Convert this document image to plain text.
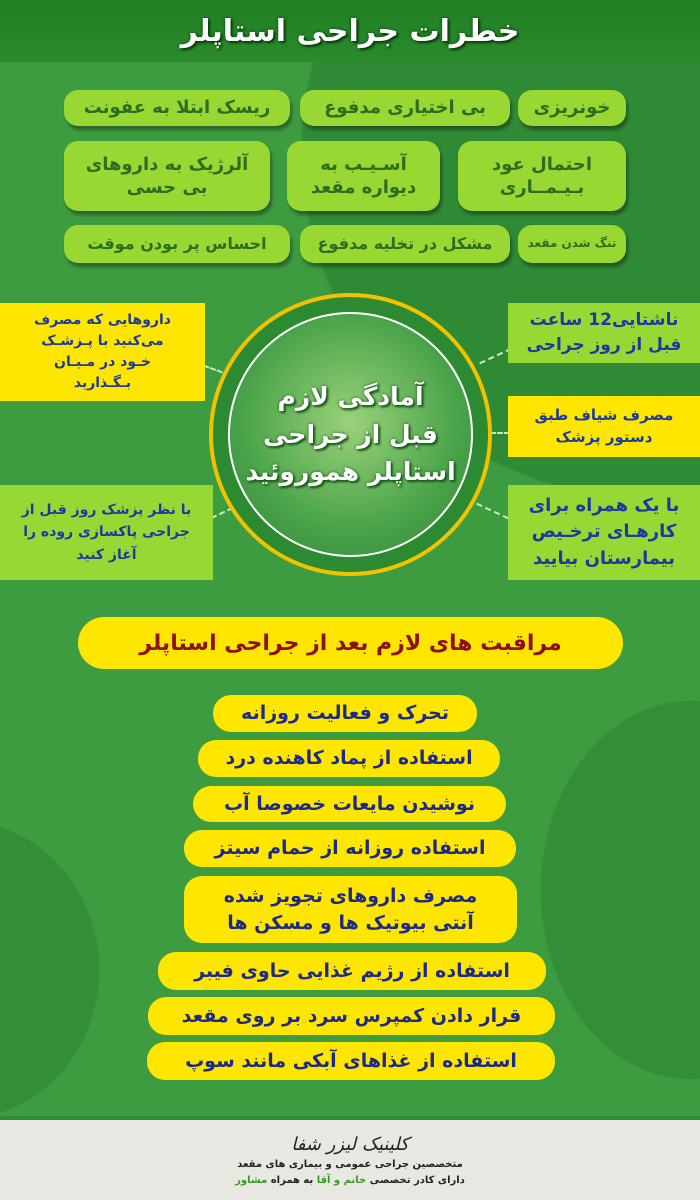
خطرات جراحی استاپلر
خونریزی
بی اختیاری مدفوع
ریسک ابتلا به عفونت
احتمال عود بـیـمــاری
آسـیـب به دیواره مقعد
آلرژیک به داروهای بی حسی
تنگ شدن مقعد
مشکل در تخلیه مدفوع
احساس پر بودن موقت
آمادگی لازم
قبل از جراحی
استاپلر هموروئید
ناشتایی12 ساعت قبل از روز جراحی
مصرف شیاف طبق دستور پزشک
با یک همراه برای کارهـای ترخـیص بیمارستان بیایید
داروهایی که مصرف می‌کنید با پـزشـک خـود در مـیـان بـگـذارید
با نظر پزشک روز قبل از جراحی پاکسازی روده را آغاز کنید
مراقبت های لازم بعد از جراحی استاپلر
تحرک و فعالیت روزانه
استفاده از پماد کاهنده درد
نوشیدن مایعات خصوصا آب
استفاده روزانه از حمام سیتز
مصرف داروهای تجویز شده آنتی بیوتیک ها و مسکن ها
استفاده از رژیم غذایی حاوی فیبر
قرار دادن کمپرس سرد بر روی مقعد
استفاده از غذاهای آبکی مانند سوپ
کلینیک لیزر شفا
متخصصین جراحی عمومی و بیماری های مقعد
دارای کادر تخصصی خانم و آقا به همراه مشاور
